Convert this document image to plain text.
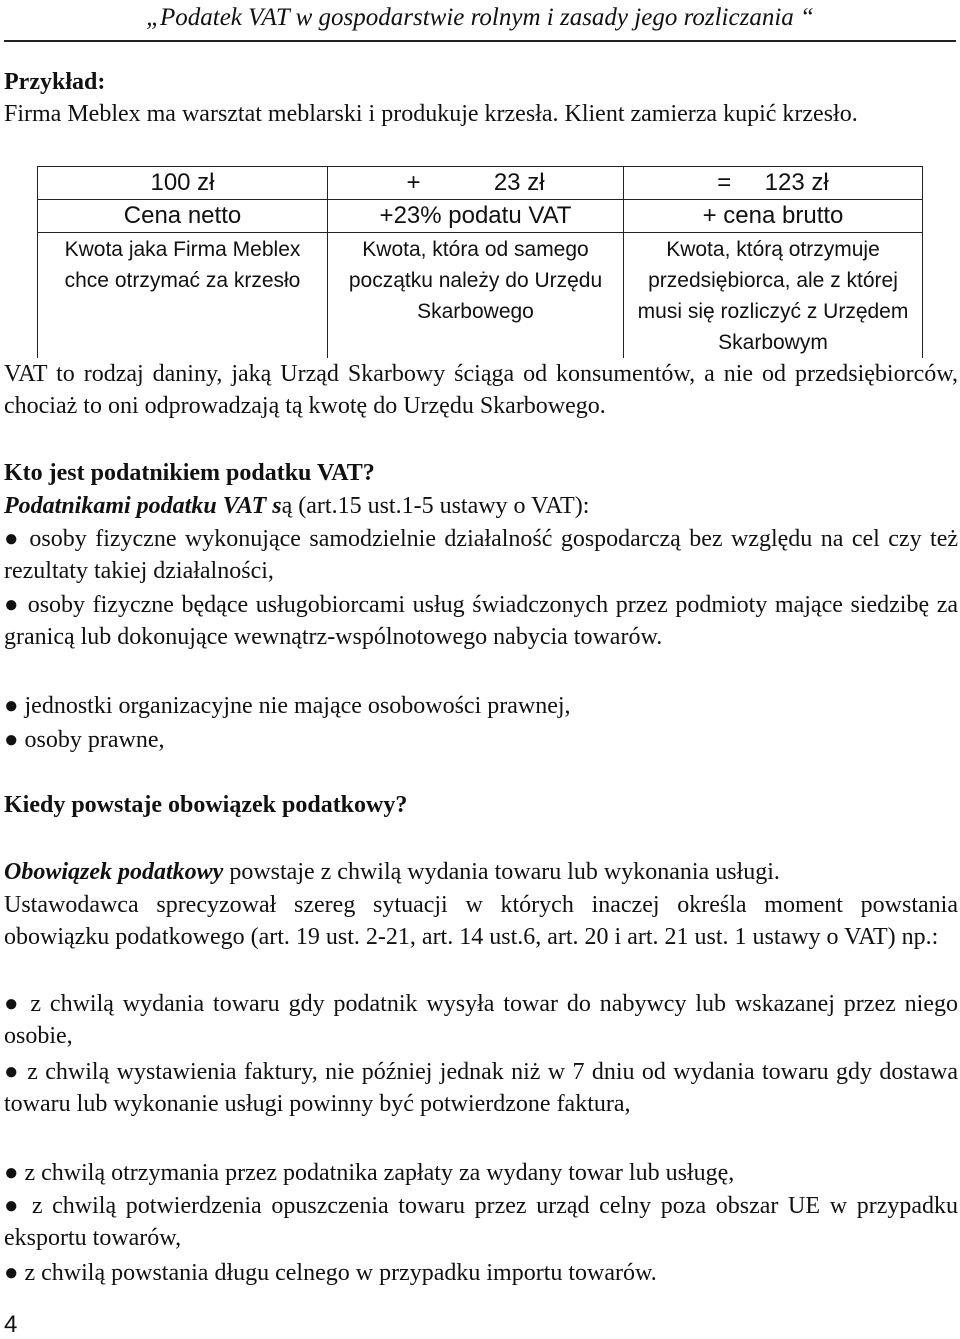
„Podatek VAT w gospodarstwie rolnym i zasady jego rozliczania “
Przykład:
Firma Meblex ma warsztat meblarski i produkuje krzesła. Klient zamierza kupić krzesło.
100 zł	+ 23 zł	= 123 zł
Cena netto	+23% podatu VAT	+ cena brutto
Kwota jaka Firma Meblex chce otrzymać za krzesło	Kwota, która od samego początku należy do Urzędu Skarbowego	Kwota, którą otrzymuje przedsiębiorca, ale z której musi się rozliczyć z Urzędem Skarbowym
VAT to rodzaj daniny, jaką Urząd Skarbowy ściąga od konsumentów, a nie od przedsiębiorców, chociaż to oni odprowadzają tą kwotę do Urzędu Skarbowego.
Kto jest podatnikiem podatku VAT?
Podatnikami podatku VAT są (art.15 ust.1-5 ustawy o VAT):
● osoby fizyczne wykonujące samodzielnie działalność gospodarczą bez względu na cel czy też rezultaty takiej działalności,
● osoby fizyczne będące usługobiorcami usług świadczonych przez podmioty mające siedzibę za granicą lub dokonujące wewnątrz-wspólnotowego nabycia towarów.
● jednostki organizacyjne nie mające osobowości prawnej,
● osoby prawne,
Kiedy powstaje obowiązek podatkowy?
Obowiązek podatkowy powstaje z chwilą wydania towaru lub wykonania usługi.
Ustawodawca sprecyzował szereg sytuacji w których inaczej określa moment powstania obowiązku podatkowego (art. 19 ust. 2-21, art. 14 ust.6, art. 20 i art. 21 ust. 1 ustawy o VAT) np.:
● z chwilą wydania towaru gdy podatnik wysyła towar do nabywcy lub wskazanej przez niego osobie,
● z chwilą wystawienia faktury, nie później jednak niż w 7 dniu od wydania towaru gdy dostawa towaru lub wykonanie usługi powinny być potwierdzone faktura,
● z chwilą otrzymania przez podatnika zapłaty za wydany towar lub usługę,
● z chwilą potwierdzenia opuszczenia towaru przez urząd celny poza obszar UE w przypadku eksportu towarów,
● z chwilą powstania długu celnego w przypadku importu towarów.
4
